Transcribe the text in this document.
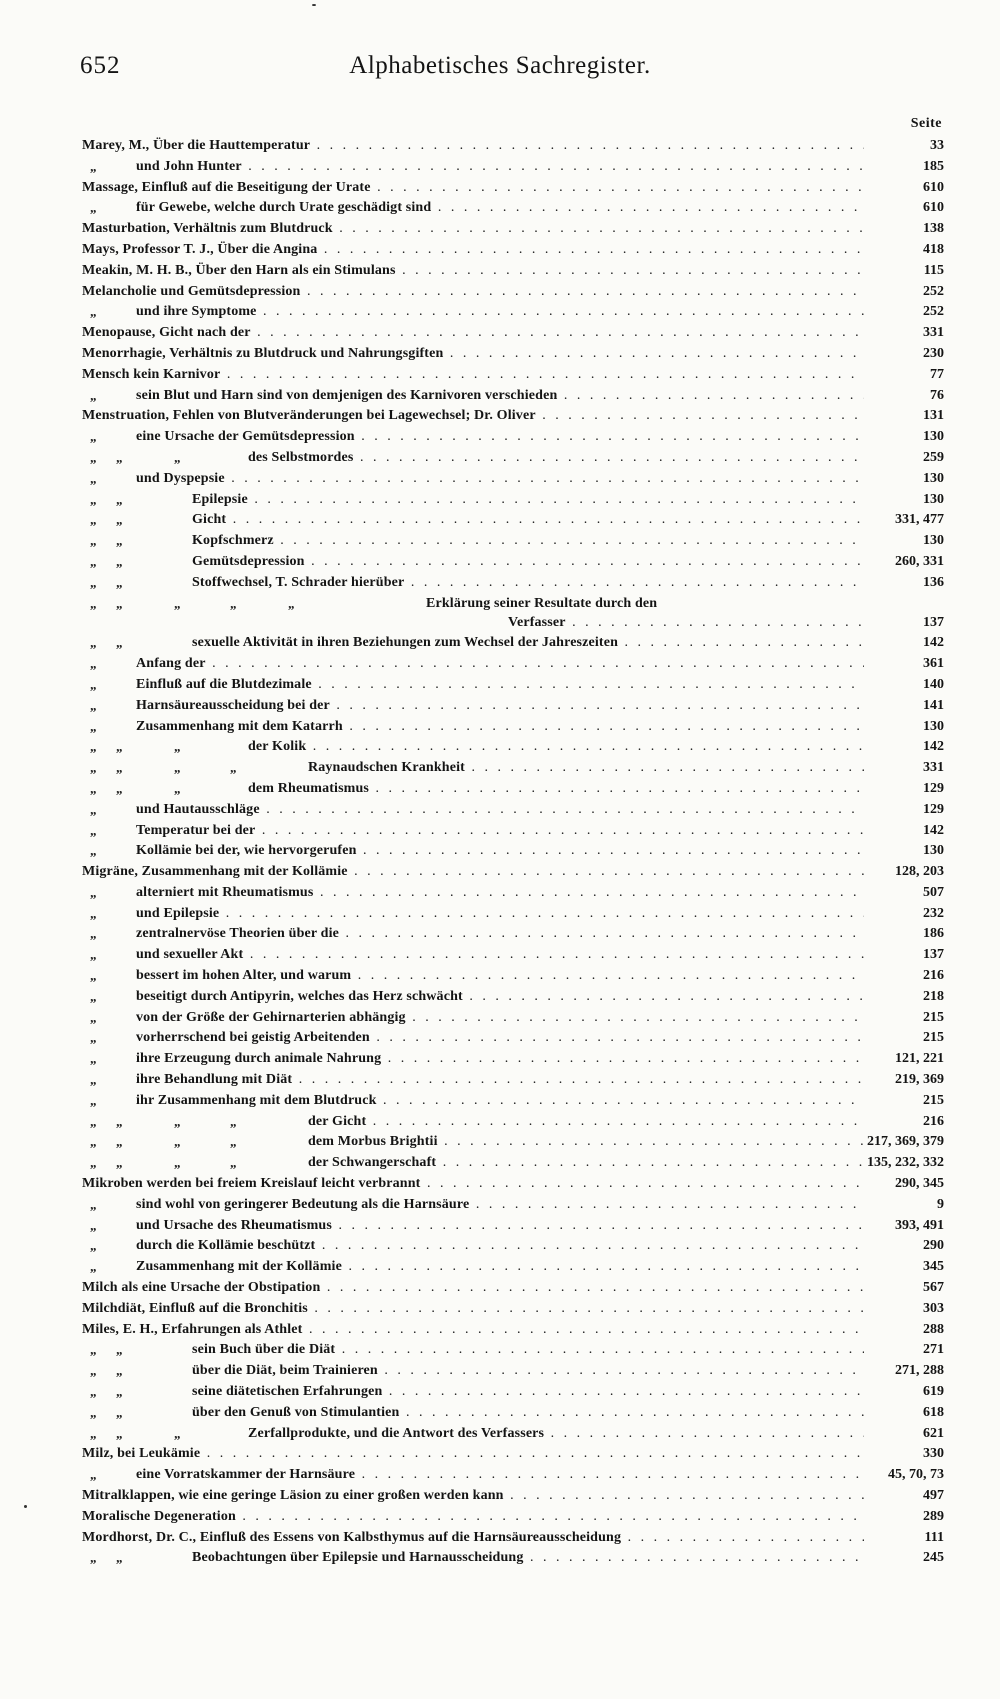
652	Alphabetisches Sachregister.
Seite
Marey, M., Über die Hauttemperatur . .	33
„	und John Hunter . .	185
Massage, Einfluß auf die Beseitigung der Urate . .	610
„	für Gewebe, welche durch Urate geschädigt sind . .	610
Masturbation, Verhältnis zum Blutdruck . .	138
Mays, Professor T. J., Über die Angina . .	418
Meakin, M. H. B., Über den Harn als ein Stimulans . .	115
Melancholie und Gemütsdepression . .	252
„	und ihre Symptome . .	252
Menopause, Gicht nach der . .	331
Menorrhagie, Verhältnis zu Blutdruck und Nahrungsgiften . .	230
Mensch kein Karnivor . .	77
„	sein Blut und Harn sind von demjenigen des Karnivoren verschieden . .	76
Menstruation, Fehlen von Blutveränderungen bei Lagewechsel; Dr. Oliver . .	131
„	eine Ursache der Gemütsdepression . .	130
„ „	„	des Selbstmordes . .	259
„	und Dyspepsie . .	130
„ „	Epilepsie . .	130
„ „	Gicht . .	331, 477
„ „	Kopfschmerz . .	130
„ „	Gemütsdepression . .	260, 331
„ „	Stoffwechsel, T. Schrader hierüber . .	136
„ „	„	„	„	Erklärung seiner Resultate durch den
Verfasser . .	137
„ „	sexuelle Aktivität in ihren Beziehungen zum Wechsel der Jahreszeiten . .	142
„	Anfang der . .	361
„	Einfluß auf die Blutdezimale . .	140
„	Harnsäureausscheidung bei der . .	141
„	Zusammenhang mit dem Katarrh . .	130
„ „	„	der Kolik . .	142
„ „	„	„	Raynaudschen Krankheit . .	331
„ „	„	dem Rheumatismus . .	129
„	und Hautausschläge . .	129
„	Temperatur bei der . .	142
„	Kollämie bei der, wie hervorgerufen . .	130
Migräne, Zusammenhang mit der Kollämie . .	128, 203
„	alterniert mit Rheumatismus . .	507
„	und Epilepsie . .	232
„	zentralnervöse Theorien über die . .	186
„	und sexueller Akt . .	137
„	bessert im hohen Alter, und warum . .	216
„	beseitigt durch Antipyrin, welches das Herz schwächt . .	218
„	von der Größe der Gehirnarterien abhängig . .	215
„	vorherrschend bei geistig Arbeitenden . .	215
„	ihre Erzeugung durch animale Nahrung . .	121, 221
„	ihre Behandlung mit Diät . .	219, 369
„	ihr Zusammenhang mit dem Blutdruck . .	215
„ „	„	„	der Gicht . .	216
„ „	„	„	dem Morbus Brightii . .	217, 369, 379
„ „	„	„	der Schwangerschaft . .	135, 232, 332
Mikroben werden bei freiem Kreislauf leicht verbrannt . .	290, 345
„	sind wohl von geringerer Bedeutung als die Harnsäure . .	9
„	und Ursache des Rheumatismus . .	393, 491
„	durch die Kollämie beschützt . .	290
„	Zusammenhang mit der Kollämie . .	345
Milch als eine Ursache der Obstipation . .	567
Milchdiät, Einfluß auf die Bronchitis . .	303
Miles, E. H., Erfahrungen als Athlet . .	288
„ „	sein Buch über die Diät . .	271
„ „	über die Diät, beim Trainieren . .	271, 288
„ „	seine diätetischen Erfahrungen . .	619
„ „	über den Genuß von Stimulantien . .	618
„ „	„	Zerfallprodukte, und die Antwort des Verfassers . .	621
Milz, bei Leukämie . .	330
„	eine Vorratskammer der Harnsäure . .	45, 70, 73
Mitralklappen, wie eine geringe Läsion zu einer großen werden kann . .	497
Moralische Degeneration . .	289
Mordhorst, Dr. C., Einfluß des Essens von Kalbsthymus auf die Harnsäureausscheidung . .	111
„ „	Beobachtungen über Epilepsie und Harnausscheidung . .	245
